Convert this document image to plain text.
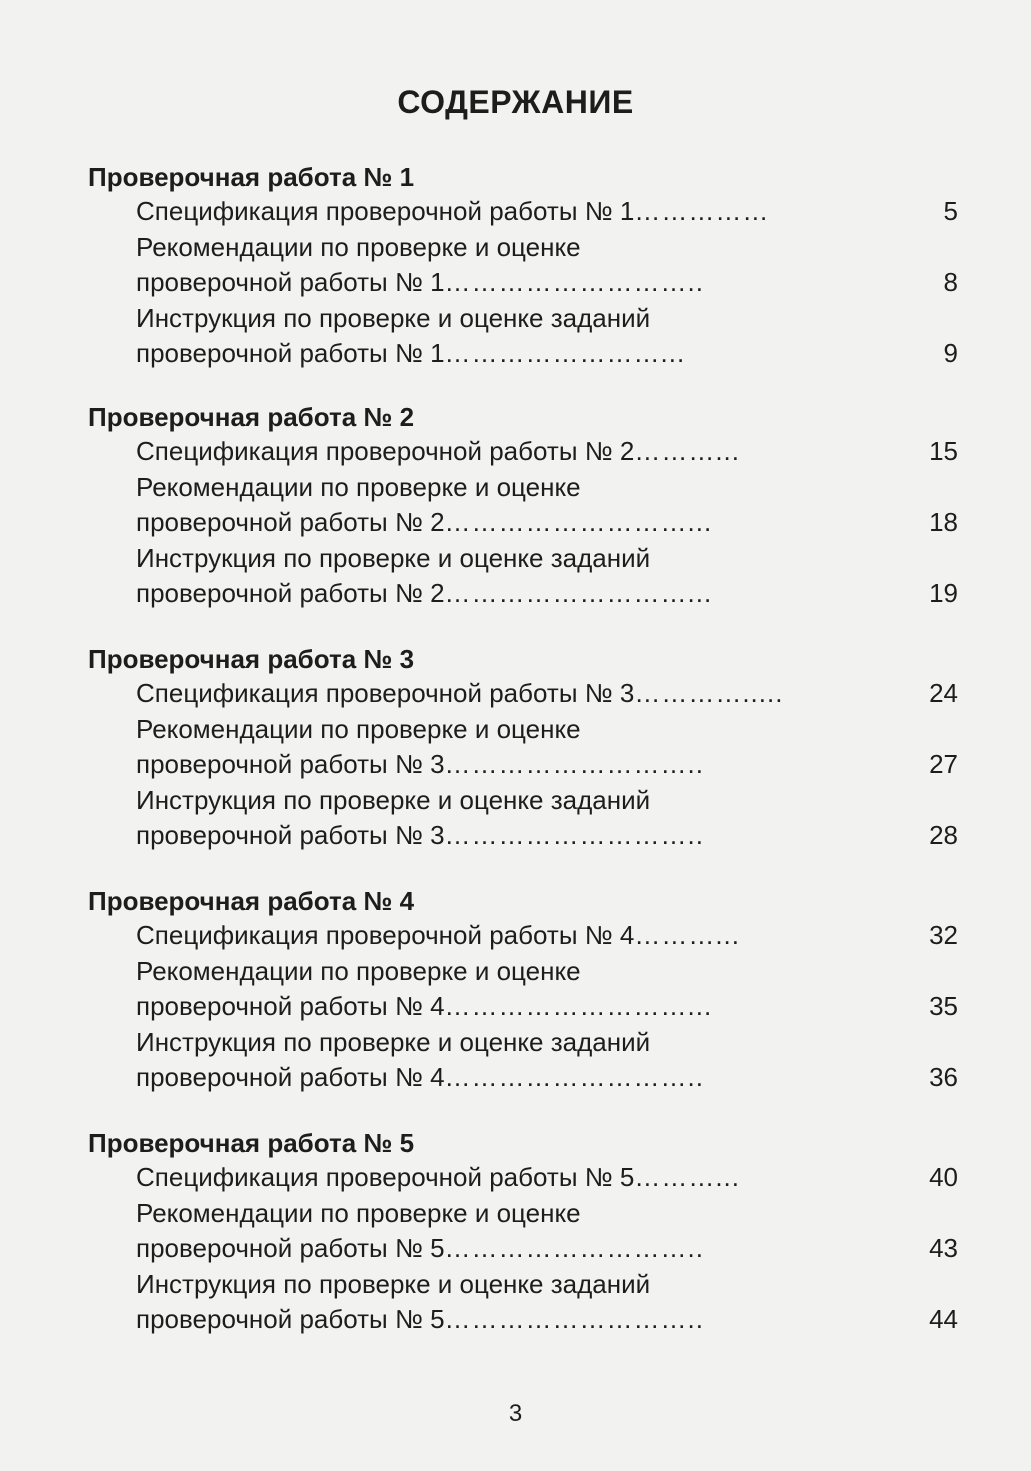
СОДЕРЖАНИЕ
Проверочная работа № 1
Спецификация проверочной работы № 1……………	5
Рекомендации по проверке и оценке
проверочной работы № 1………………………..	8
Инструкция по проверке и оценке заданий
проверочной работы № 1……………………...	9
Проверочная работа № 2
Спецификация проверочной работы № 2………...	15
Рекомендации по проверке и оценке
проверочной работы № 2………………………...	18
Инструкция по проверке и оценке заданий
проверочной работы № 2………………………...	19
Проверочная работа № 3
Спецификация проверочной работы № 3………….....	24
Рекомендации по проверке и оценке
проверочной работы № 3………………………..	27
Инструкция по проверке и оценке заданий
проверочной работы № 3………………………..	28
Проверочная работа № 4
Спецификация проверочной работы № 4………...	32
Рекомендации по проверке и оценке
проверочной работы № 4………………………...	35
Инструкция по проверке и оценке заданий
проверочной работы № 4………………………..	36
Проверочная работа № 5
Спецификация проверочной работы № 5………...	40
Рекомендации по проверке и оценке
проверочной работы № 5………………………..	43
Инструкция по проверке и оценке заданий
проверочной работы № 5………………………..	44
3
